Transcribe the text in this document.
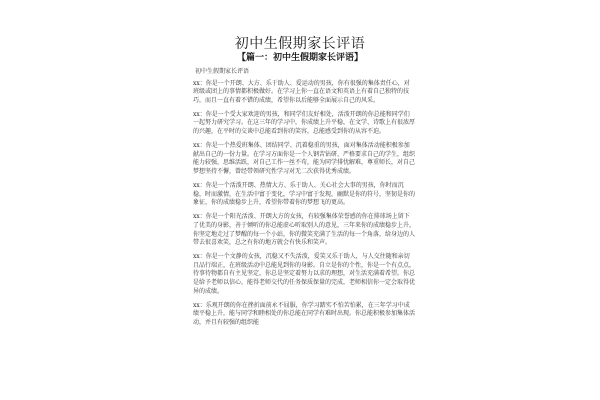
初中生假期家长评语
【篇一：初中生假期家长评语】
初中生假期家长评语

xx：你是一个开朗、大方、乐于助人、爱运动的男孩，你有很强的集体责任心，对班级或团上的事情都积极做好。在学习上你一直在语文和英语上有着自己独特的技巧，而且一直有着不错的成绩，希望你以后能够全面展示自己的风采。

xx：你是一个受大家欢迎的男孩，和同学们友好相处，活泼开朗的你总能和同学们一起努力研究学习。在这三年的学习中，你成绩上升平稳，在文学、诗歌上有很浓厚的兴趣，在平时的交谈中总能看到你的笑容，总能感受到你的从容不迫。

xx：你是一个热爱班集体、团结同学、沉着稳重的男孩，面对集体活动能积极参加献出自己的一份力量。在学习方面你是一个人钢苦钻研、严格要求自己的学生，组织能力较强，思维活跃，对自己工作一丝不苟，能为同学排忧解难，尊重师长，对自己梦想坚持不懈，曾经带领研究性学习对无二次获得优秀成绩。

xx：你是一个活泼开朗、热情大方、乐于助人、关心社会大事的男孩，你时而沉稳，时而激情，在生活中富于变化，学习中富于发现，幽默是你的符号，坚韧是你的象征，你的成绩稳步上升，希望你带着你的梦想飞的更高。

xx：你是一个阳光活泼、开朗大方的女孩，有较强集体荣誉感的你在排球场上留下了优美的身影，善于倾听的你总能虚心听取别人的意见，三年来你的成绩稳步上升，你坚定地走过了梦醒的每一个小站，你的微笑充满了生活的每一个角落，给身边的人带去很喜欢笑，总之有你的地方就会有快乐和笑声。

xx：你是一个文静的女孩，沉稳又不失活泼，爱笑又乐于助人，与人交往随和亲切且品行端正，在班级活动中总能见到你的身影。自立是你的个性，你是一个有点点，待事待物都自有主见坚定，你总是坚定着努力以求的理想，对生活充满着希望。你总是给予老师以信心，能得老师交代的任务保质保量的完成，老师相信你一定会取得优异的成绩。

xx：乐观开朗的你在挫折面前永不屈服，你学习踏实不怕苦怕累，在三年学习中成绩平稳上升，能与同学和睦相处的你总能在同学有难时出现。你总能积极参加集体活动，并且有较强的组织能
